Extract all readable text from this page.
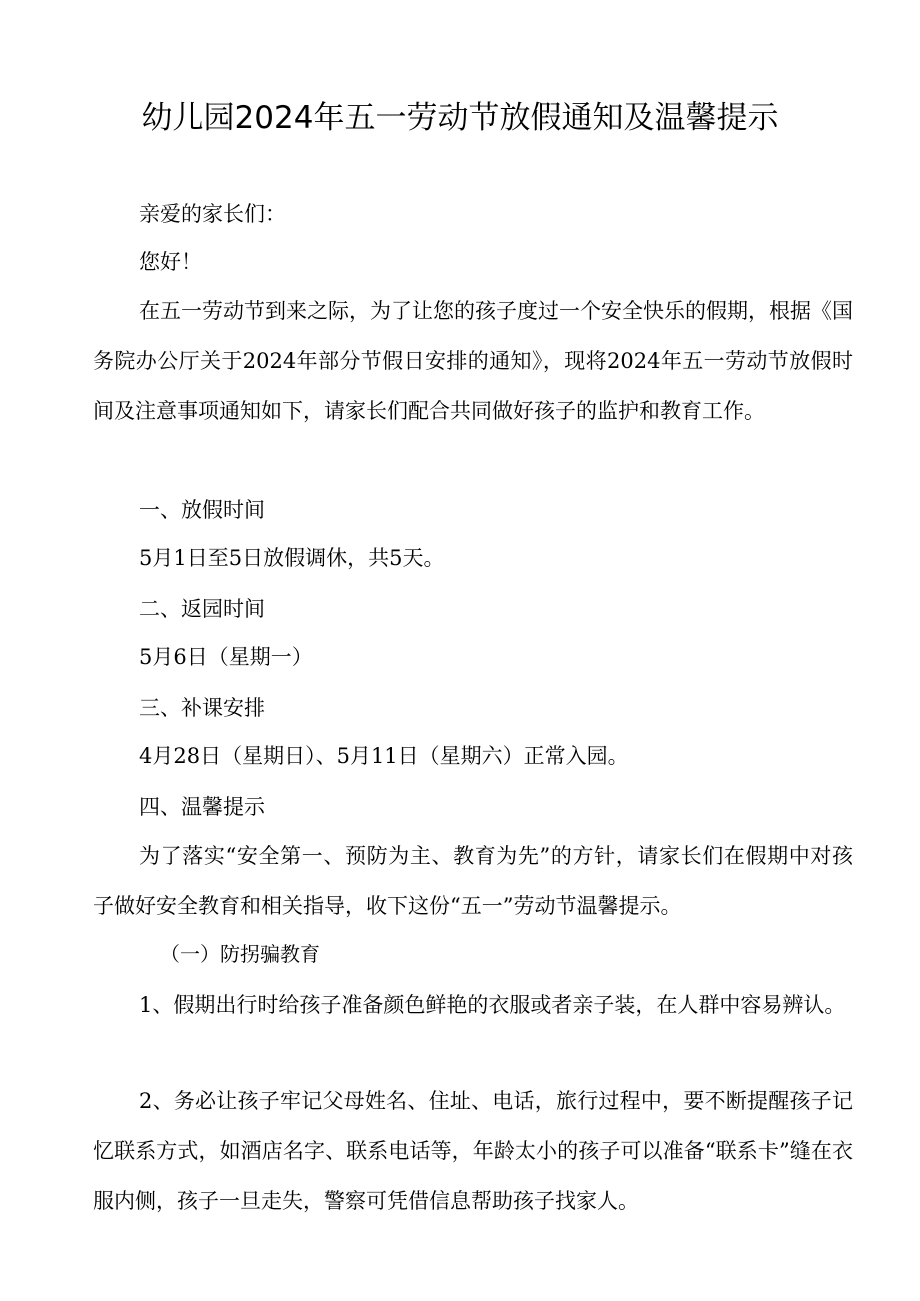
幼儿园2024年五一劳动节放假通知及温馨提示

亲爱的家长们：

您好！

在五一劳动节到来之际，为了让您的孩子度过一个安全快乐的假期，根据《国务院办公厅关于2024年部分节假日安排的通知》，现将2024年五一劳动节放假时间及注意事项通知如下，请家长们配合共同做好孩子的监护和教育工作。

一、放假时间

5月1日至5日放假调休，共5天。

二、返园时间

5月6日（星期一）

三、补课安排

4月28日（星期日）、5月11日（星期六）正常入园。

四、温馨提示

为了落实“安全第一、预防为主、教育为先”的方针，请家长们在假期中对孩子做好安全教育和相关指导，收下这份“五一”劳动节温馨提示。

（一）防拐骗教育

1、假期出行时给孩子准备颜色鲜艳的衣服或者亲子装，在人群中容易辨认。

2、务必让孩子牢记父母姓名、住址、电话，旅行过程中，要不断提醒孩子记忆联系方式，如酒店名字、联系电话等，年龄太小的孩子可以准备“联系卡”缝在衣服内侧，孩子一旦走失，警察可凭借信息帮助孩子找家人。
